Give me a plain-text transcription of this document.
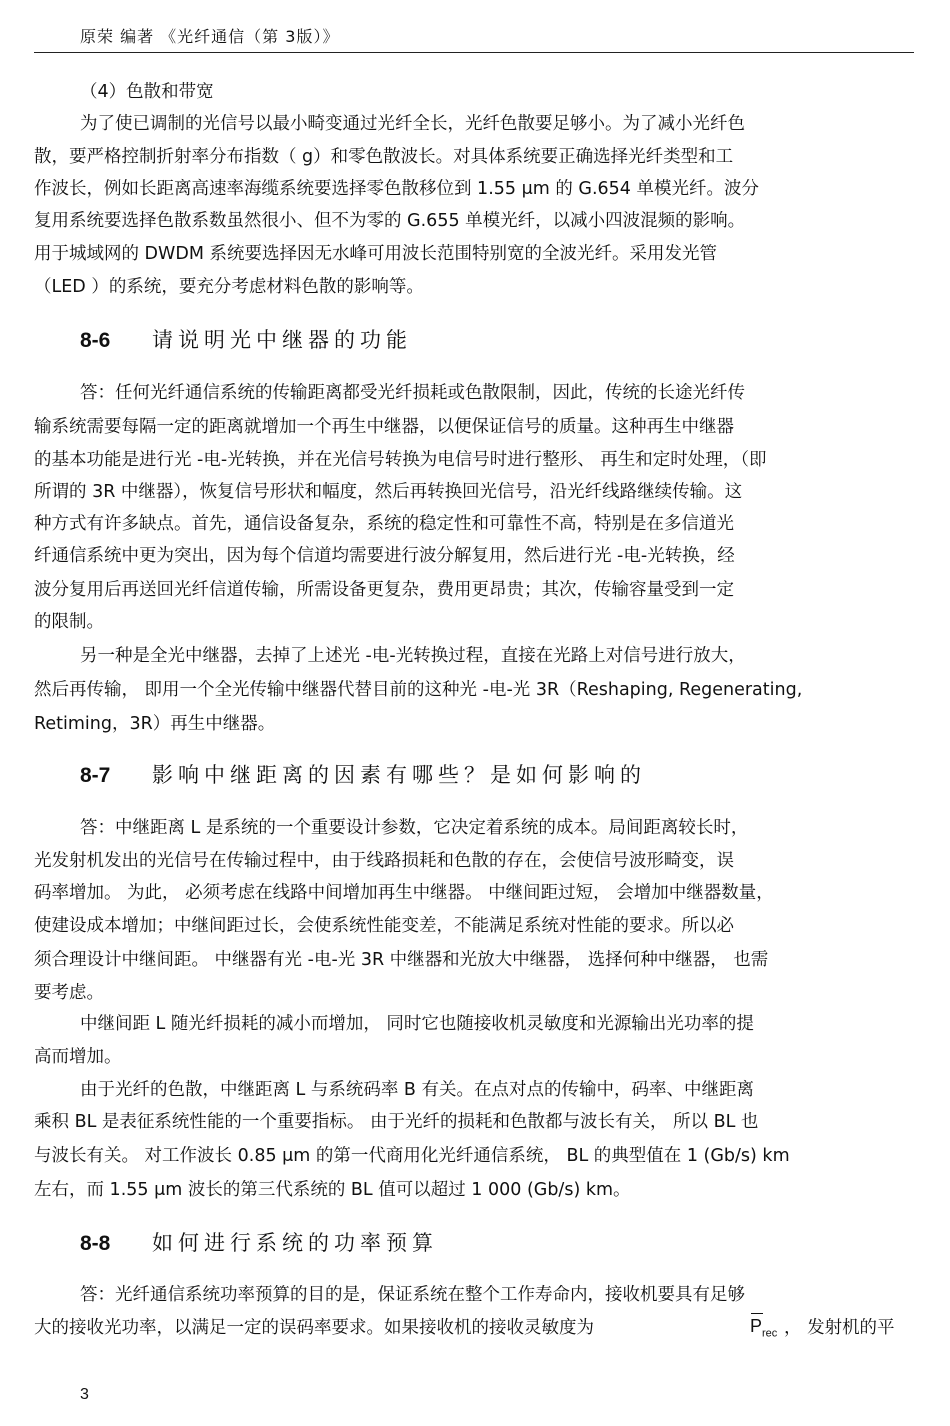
原荣 编著 《光纤通信（第 3版）》
（4）色散和带宽
为了使已调制的光信号以最小畸变通过光纤全长，光纤色散要足够小。为了减小光纤色
散，要严格控制折射率分布指数（ g）和零色散波长。对具体系统要正确选择光纤类型和工
作波长，例如长距离高速率海缆系统要选择零色散移位到 1.55 μm 的 G.654 单模光纤。波分
复用系统要选择色散系数虽然很小、但不为零的 G.655 单模光纤，以减小四波混频的影响。
用于城域网的 DWDM 系统要选择因无水峰可用波长范围特别宽的全波光纤。采用发光管
（LED ）的系统，要充分考虑材料色散的影响等。
8-6 请说明光中继器的功能
答：任何光纤通信系统的传输距离都受光纤损耗或色散限制，因此，传统的长途光纤传
输系统需要每隔一定的距离就增加一个再生中继器，以便保证信号的质量。这种再生中继器
的基本功能是进行光 -电-光转换，并在光信号转换为电信号时进行整形、 再生和定时处理，（即
所谓的 3R 中继器），恢复信号形状和幅度，然后再转换回光信号，沿光纤线路继续传输。这
种方式有许多缺点。首先，通信设备复杂，系统的稳定性和可靠性不高，特别是在多信道光
纤通信系统中更为突出，因为每个信道均需要进行波分解复用，然后进行光 -电-光转换，经
波分复用后再送回光纤信道传输，所需设备更复杂，费用更昂贵；其次，传输容量受到一定
的限制。
另一种是全光中继器，去掉了上述光 -电-光转换过程，直接在光路上对信号进行放大，
然后再传输， 即用一个全光传输中继器代替目前的这种光 -电-光 3R（Reshaping, Regenerating,
Retiming，3R）再生中继器。
8-7 影响中继距离的因素有哪些？是如何影响的
答：中继距离 L 是系统的一个重要设计参数，它决定着系统的成本。局间距离较长时，
光发射机发出的光信号在传输过程中，由于线路损耗和色散的存在，会使信号波形畸变，误
码率增加。 为此， 必须考虑在线路中间增加再生中继器。 中继间距过短， 会增加中继器数量，
使建设成本增加；中继间距过长，会使系统性能变差，不能满足系统对性能的要求。所以必
须合理设计中继间距。 中继器有光 -电-光 3R 中继器和光放大中继器， 选择何种中继器， 也需
要考虑。
中继间距 L 随光纤损耗的减小而增加， 同时它也随接收机灵敏度和光源输出光功率的提
高而增加。
由于光纤的色散，中继距离 L 与系统码率 B 有关。在点对点的传输中，码率、中继距离
乘积 BL 是表征系统性能的一个重要指标。 由于光纤的损耗和色散都与波长有关， 所以 BL 也
与波长有关。 对工作波长 0.85 μm 的第一代商用化光纤通信系统， BL 的典型值在 1 (Gb/s) km
左右，而 1.55 μm 波长的第三代系统的 BL 值可以超过 1 000 (Gb/s) km。
8-8 如何进行系统的功率预算
答：光纤通信系统功率预算的目的是，保证系统在整个工作寿命内，接收机要具有足够
大的接收光功率，以满足一定的误码率要求。如果接收机的接收灵敏度为	$P_{rec}$ ， 发射机的平
3
